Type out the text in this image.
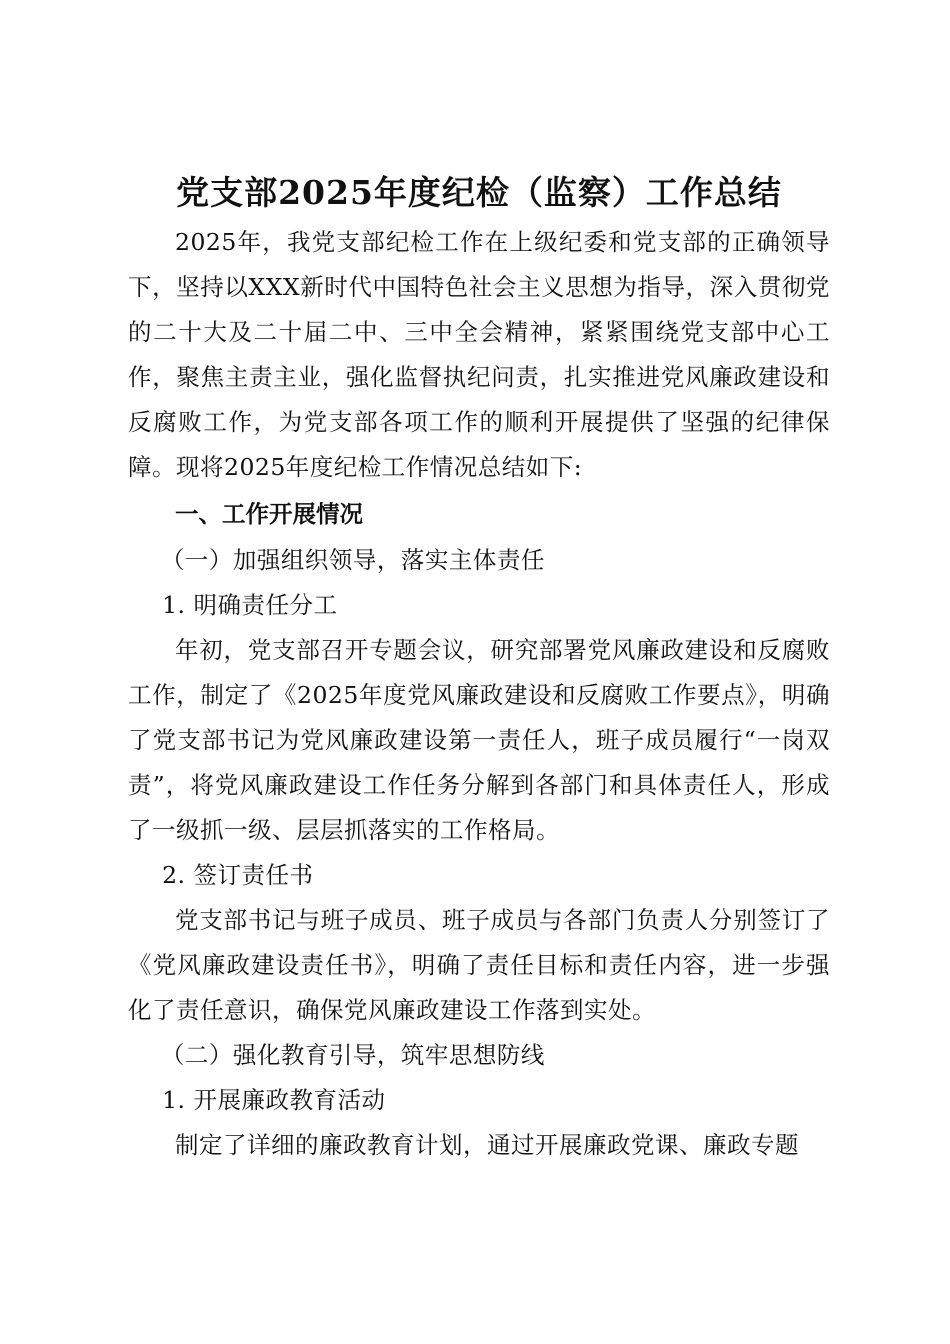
党支部2025年度纪检（监察）工作总结

2025年，我党支部纪检工作在上级纪委和党支部的正确领导下，坚持以XXX新时代中国特色社会主义思想为指导，深入贯彻党的二十大及二十届二中、三中全会精神，紧紧围绕党支部中心工作，聚焦主责主业，强化监督执纪问责，扎实推进党风廉政建设和反腐败工作，为党支部各项工作的顺利开展提供了坚强的纪律保障。现将2025年度纪检工作情况总结如下:

一、工作开展情况

（一）加强组织领导，落实主体责任

1. 明确责任分工

年初，党支部召开专题会议，研究部署党风廉政建设和反腐败工作，制定了《2025年度党风廉政建设和反腐败工作要点》，明确了党支部书记为党风廉政建设第一责任人，班子成员履行“一岗双责”，将党风廉政建设工作任务分解到各部门和具体责任人，形成了一级抓一级、层层抓落实的工作格局。

2. 签订责任书

党支部书记与班子成员、班子成员与各部门负责人分别签订了《党风廉政建设责任书》，明确了责任目标和责任内容，进一步强化了责任意识，确保党风廉政建设工作落到实处。

（二）强化教育引导，筑牢思想防线

1. 开展廉政教育活动

制定了详细的廉政教育计划，通过开展廉政党课、廉政专题
